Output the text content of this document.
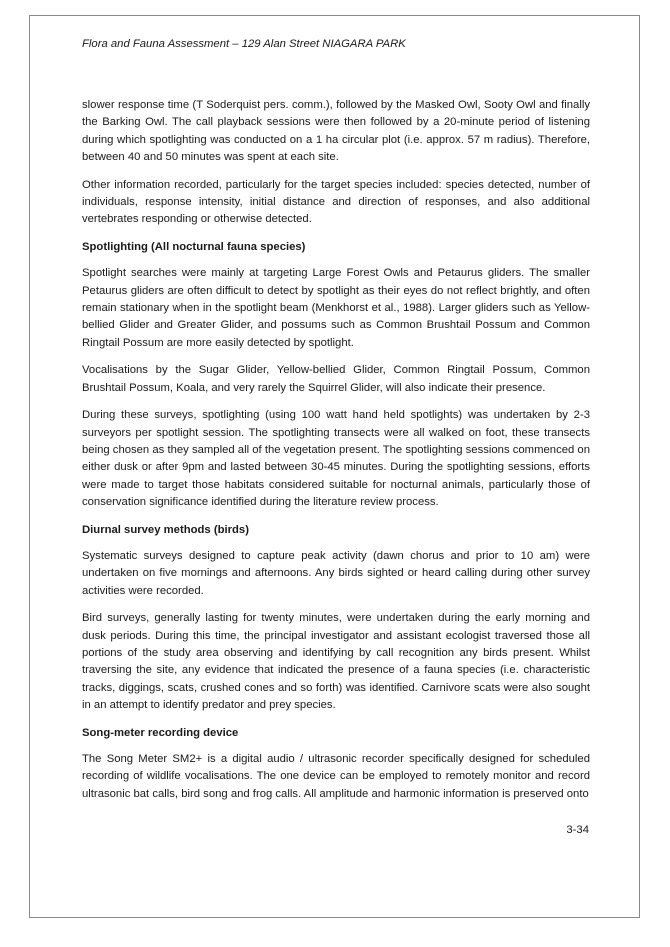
Flora and Fauna Assessment – 129 Alan Street NIAGARA PARK

slower response time (T Soderquist pers. comm.), followed by the Masked Owl, Sooty Owl and finally the Barking Owl. The call playback sessions were then followed by a 20-minute period of listening during which spotlighting was conducted on a 1 ha circular plot (i.e. approx. 57 m radius). Therefore, between 40 and 50 minutes was spent at each site.

Other information recorded, particularly for the target species included: species detected, number of individuals, response intensity, initial distance and direction of responses, and also additional vertebrates responding or otherwise detected.

Spotlighting (All nocturnal fauna species)

Spotlight searches were mainly at targeting Large Forest Owls and Petaurus gliders. The smaller Petaurus gliders are often difficult to detect by spotlight as their eyes do not reflect brightly, and often remain stationary when in the spotlight beam (Menkhorst et al., 1988). Larger gliders such as Yellow-bellied Glider and Greater Glider, and possums such as Common Brushtail Possum and Common Ringtail Possum are more easily detected by spotlight.

Vocalisations by the Sugar Glider, Yellow-bellied Glider, Common Ringtail Possum, Common Brushtail Possum, Koala, and very rarely the Squirrel Glider, will also indicate their presence.

During these surveys, spotlighting (using 100 watt hand held spotlights) was undertaken by 2-3 surveyors per spotlight session. The spotlighting transects were all walked on foot, these transects being chosen as they sampled all of the vegetation present. The spotlighting sessions commenced on either dusk or after 9pm and lasted between 30-45 minutes. During the spotlighting sessions, efforts were made to target those habitats considered suitable for nocturnal animals, particularly those of conservation significance identified during the literature review process.

Diurnal survey methods (birds)

Systematic surveys designed to capture peak activity (dawn chorus and prior to 10 am) were undertaken on five mornings and afternoons. Any birds sighted or heard calling during other survey activities were recorded.

Bird surveys, generally lasting for twenty minutes, were undertaken during the early morning and dusk periods. During this time, the principal investigator and assistant ecologist traversed those all portions of the study area observing and identifying by call recognition any birds present. Whilst traversing the site, any evidence that indicated the presence of a fauna species (i.e. characteristic tracks, diggings, scats, crushed cones and so forth) was identified. Carnivore scats were also sought in an attempt to identify predator and prey species.

Song-meter recording device

The Song Meter SM2+ is a digital audio / ultrasonic recorder specifically designed for scheduled recording of wildlife vocalisations. The one device can be employed to remotely monitor and record ultrasonic bat calls, bird song and frog calls. All amplitude and harmonic information is preserved onto

3-34
